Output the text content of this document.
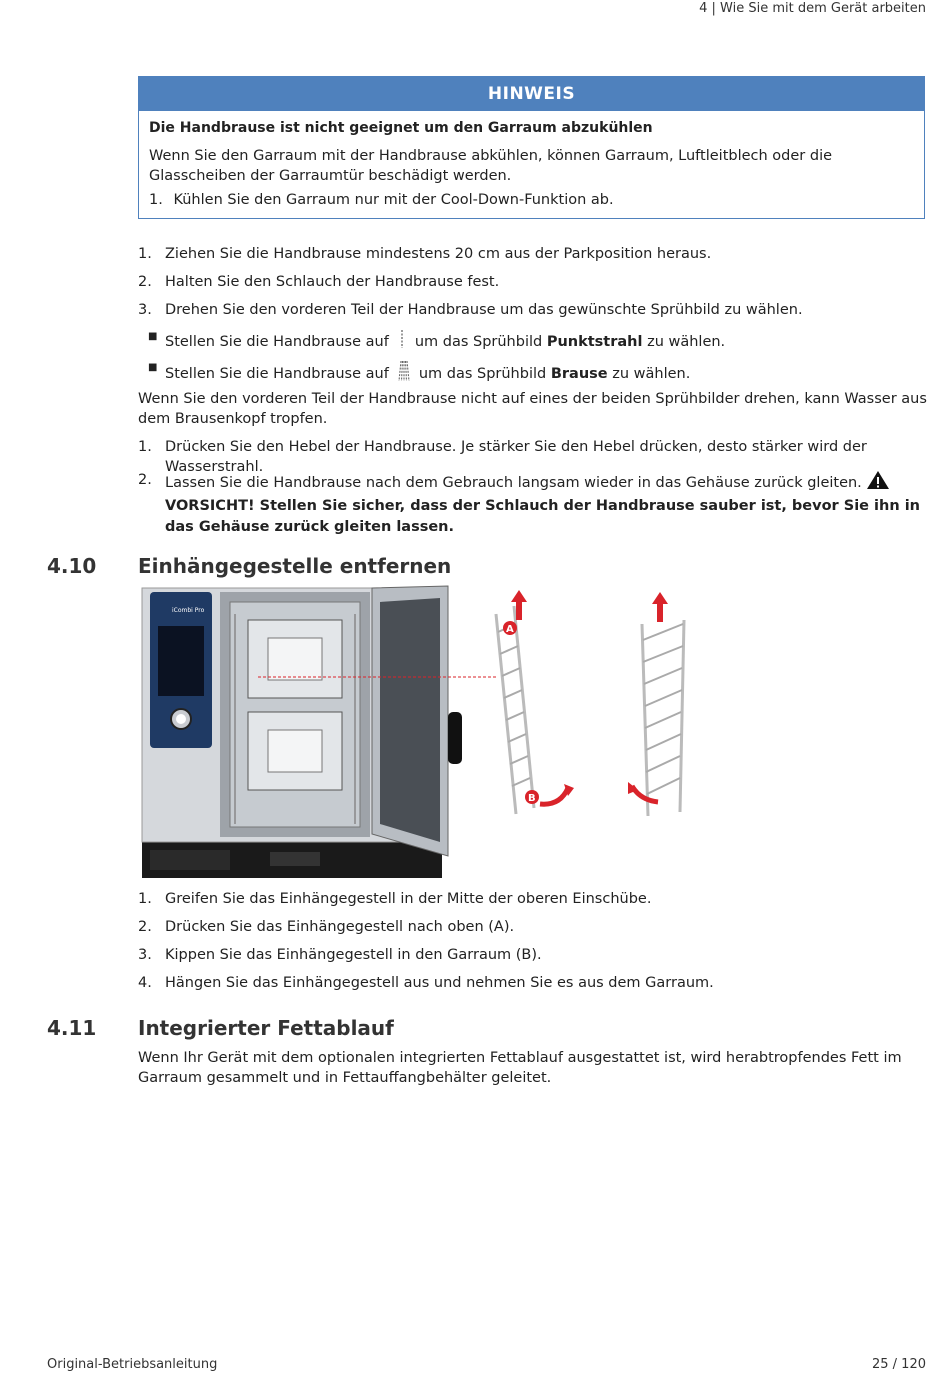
4 | Wie Sie mit dem Gerät arbeiten
HINWEIS
Die Handbrause ist nicht geeignet um den Garraum abzukühlen
Wenn Sie den Garraum mit der Handbrause abkühlen, können Garraum, Luftleitblech oder die Glasscheiben der Garraumtür beschädigt werden.
1. Kühlen Sie den Garraum nur mit der Cool-Down-Funktion ab.
1. Ziehen Sie die Handbrause mindestens 20 cm aus der Parkposition heraus.
2. Halten Sie den Schlauch der Handbrause fest.
3. Drehen Sie den vorderen Teil der Handbrause um das gewünschte Sprühbild zu wählen.
■ Stellen Sie die Handbrause auf um das Sprühbild Punktstrahl zu wählen.
■ Stellen Sie die Handbrause auf um das Sprühbild Brause zu wählen.
Wenn Sie den vorderen Teil der Handbrause nicht auf eines der beiden Sprühbilder drehen, kann Wasser aus dem Brausenkopf tropfen.
1. Drücken Sie den Hebel der Handbrause. Je stärker Sie den Hebel drücken, desto stärker wird der Wasserstrahl.
2. Lassen Sie die Handbrause nach dem Gebrauch langsam wieder in das Gehäuse zurück gleiten.
VORSICHT! Stellen Sie sicher, dass der Schlauch der Handbrause sauber ist, bevor Sie ihn in das Gehäuse zurück gleiten lassen.
4.10 Einhängegestelle entfernen
iCombi Pro
A
B
1. Greifen Sie das Einhängegestell in der Mitte der oberen Einschübe.
2. Drücken Sie das Einhängegestell nach oben (A).
3. Kippen Sie das Einhängegestell in den Garraum (B).
4. Hängen Sie das Einhängegestell aus und nehmen Sie es aus dem Garraum.
4.11 Integrierter Fettablauf
Wenn Ihr Gerät mit dem optionalen integrierten Fettablauf ausgestattet ist, wird herabtropfendes Fett im Garraum gesammelt und in Fettauffangbehälter geleitet.
Original-Betriebsanleitung	25 / 120
